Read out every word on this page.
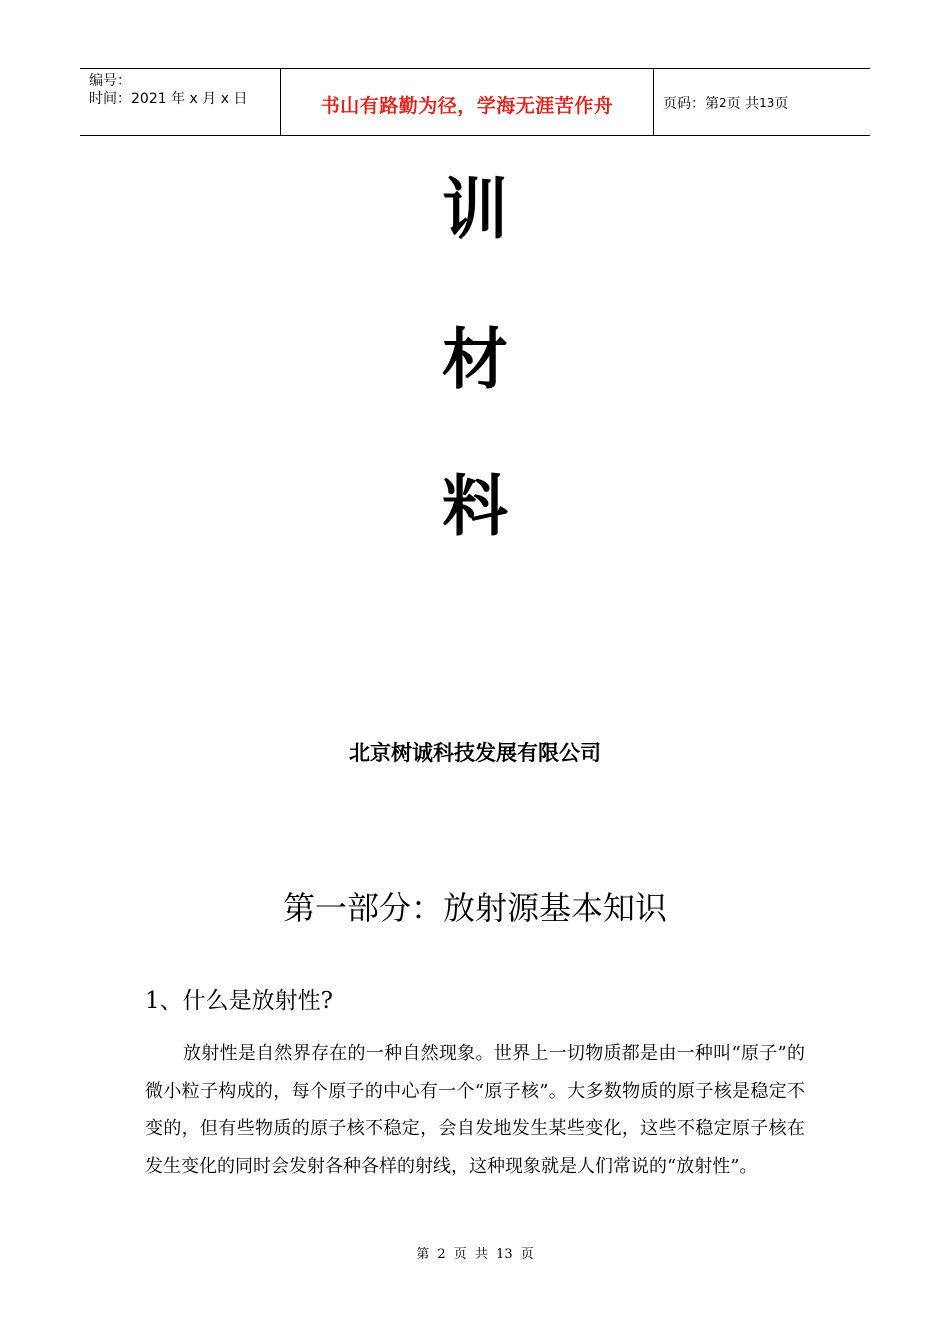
编号：
时间：2021 年 x 月 x 日	书山有路勤为径，学海无涯苦作舟	页码：第 2 页 共 13 页
训
材
料
北京树诚科技发展有限公司
第一部分：放射源基本知识
1、什么是放射性?

放射性是自然界存在的一种自然现象。世界上一切物质都是由一种叫“原子”的微小粒子构成的，每个原子的中心有一个“原子核”。大多数物质的原子核是稳定不变的，但有些物质的原子核不稳定，会自发地发生某些变化，这些不稳定原子核在发生变化的同时会发射各种各样的射线，这种现象就是人们常说的“放射性”。

第 2 页 共 13 页
